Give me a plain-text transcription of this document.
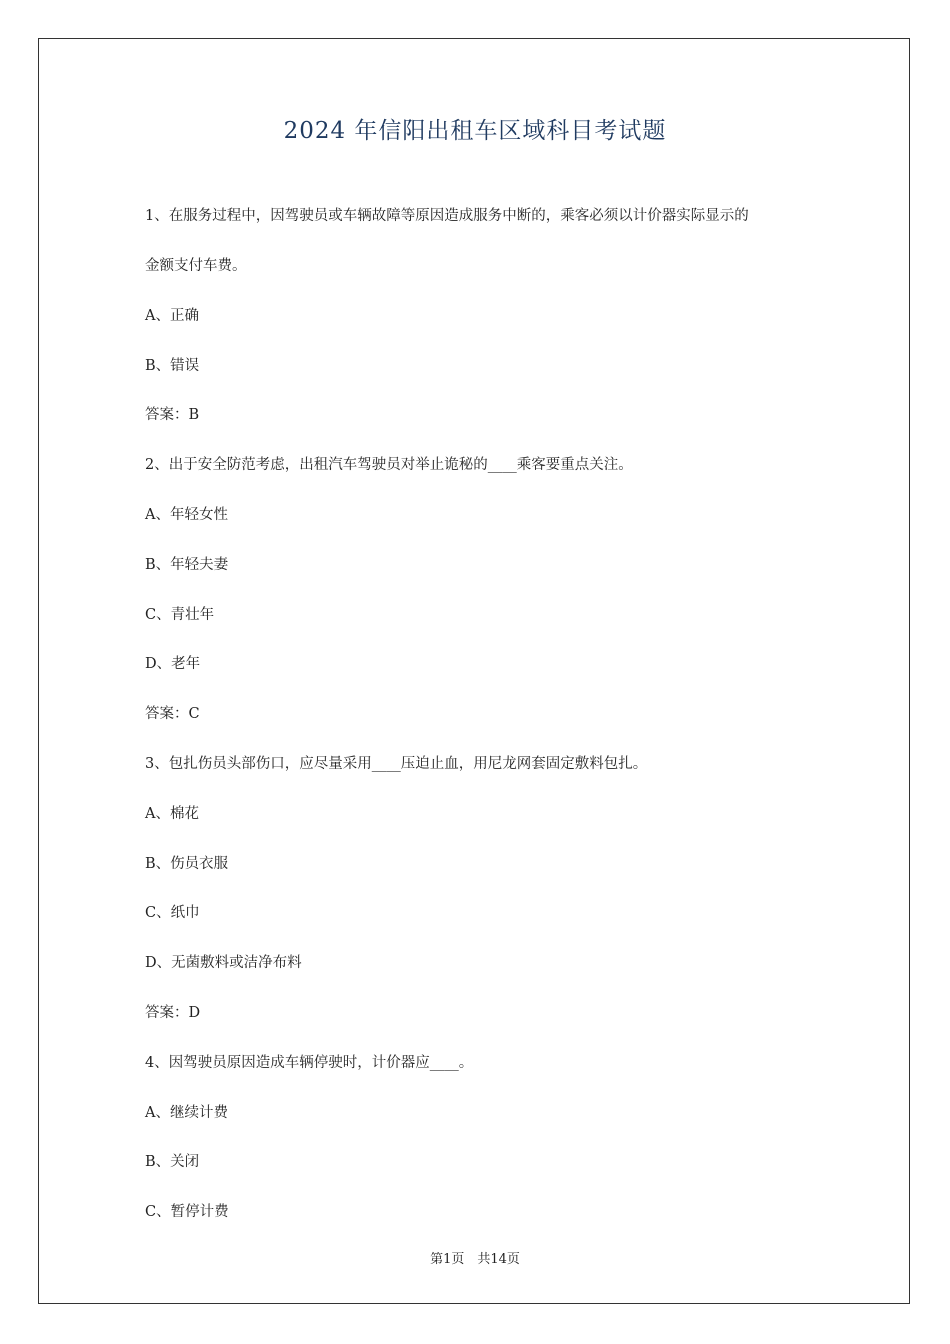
2024 年信阳出租车区域科目考试题
1、在服务过程中，因驾驶员或车辆故障等原因造成服务中断的，乘客必须以计价器实际显示的
金额支付车费。
A、正确
B、错误
答案：B
2、出于安全防范考虑，出租汽车驾驶员对举止诡秘的____乘客要重点关注。
A、年轻女性
B、年轻夫妻
C、青壮年
D、老年
答案：C
3、包扎伤员头部伤口，应尽量采用____压迫止血，用尼龙网套固定敷料包扎。
A、棉花
B、伤员衣服
C、纸巾
D、无菌敷料或洁净布料
答案：D
4、因驾驶员原因造成车辆停驶时，计价器应____。
A、继续计费
B、关闭
C、暂停计费
第1页　共14页
